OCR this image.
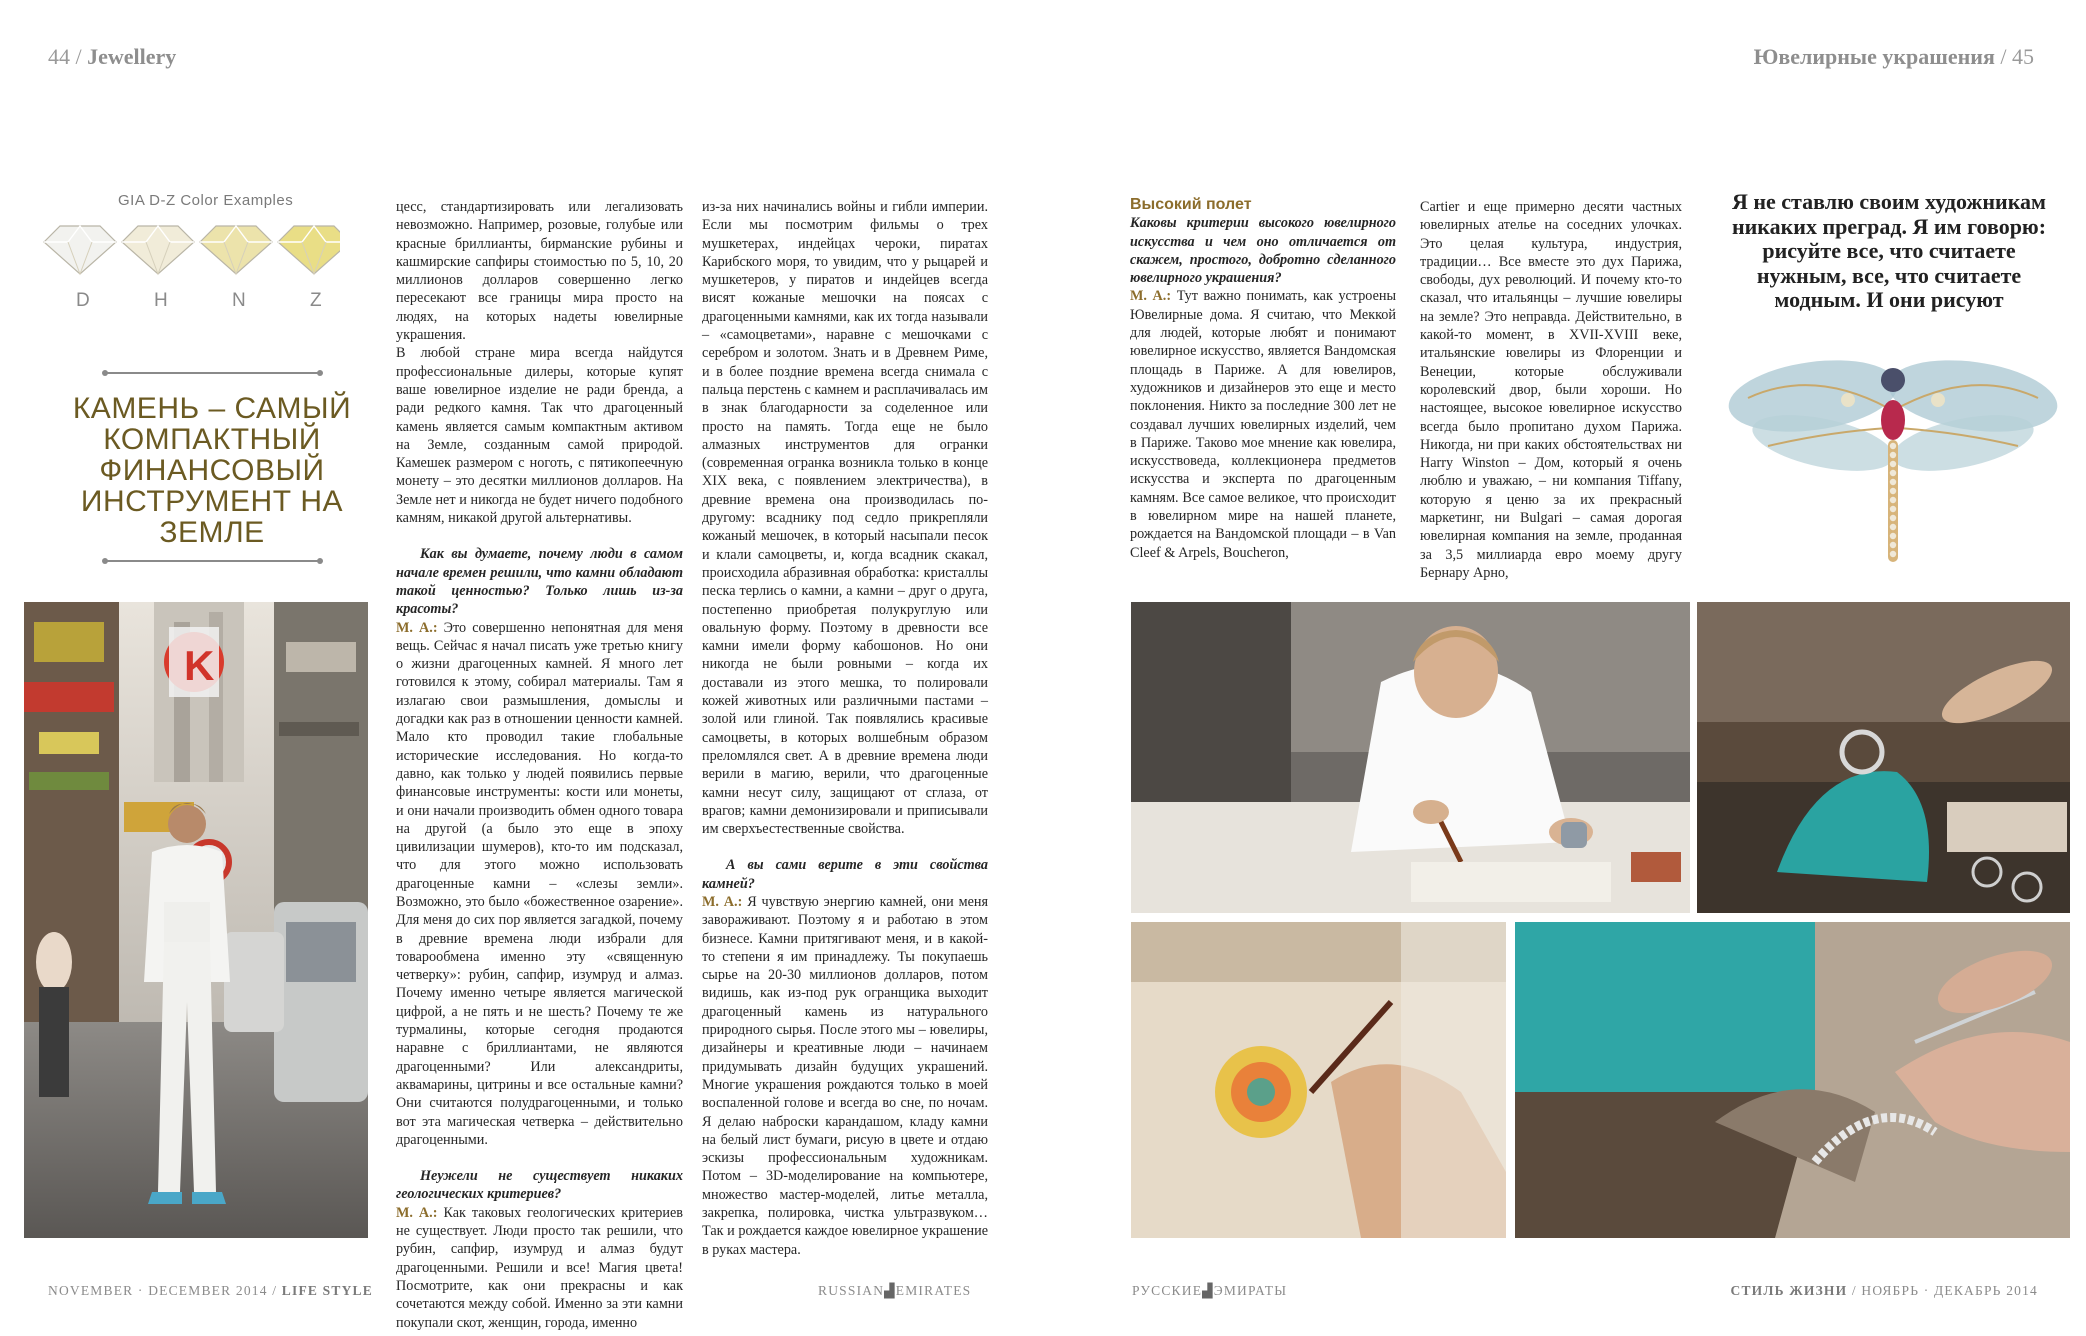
44 / Jewellery	Ювелирные украшения / 45
GIA D-Z Color Examples
D	H	N	Z
КАМЕНЬ – САМЫЙ КОМПАКТНЫЙ ФИНАНСОВЫЙ ИНСТРУМЕНТ НА ЗЕМЛЕ
K

цесс, стандартизировать или легализовать невозможно. Например, розовые, голубые или красные бриллианты, бирманские рубины и кашмирские сапфиры стоимостью по 5, 10, 20 миллионов долларов совершенно легко пересекают все границы мира просто на людях, на которых надеты ювелирные украшения.

В любой стране мира всегда найдутся профессиональные дилеры, которые купят ваше ювелирное изделие не ради бренда, а ради редкого камня. Так что драгоценный камень является самым компактным активом на Земле, созданным самой природой. Камешек размером с ноготь, с пятикопеечную монету – это десятки миллионов долларов. На Земле нет и никогда не будет ничего подобного камням, никакой другой альтернативы.

Как вы думаете, почему люди в самом начале времен решили, что камни обладают такой ценностью? Только лишь из-за красоты?

М. А.: Это совершенно непонятная для меня вещь. Сейчас я начал писать уже третью книгу о жизни драгоценных камней. Я много лет готовился к этому, собирал материалы. Там я излагаю свои размышления, домыслы и догадки как раз в отношении ценности камней. Мало кто проводил такие глобальные исторические исследования. Но когда-то давно, как только у людей появились первые финансовые инструменты: кости или монеты, и они начали производить обмен одного товара на другой (а было это еще в эпоху цивилизации шумеров), кто-то им подсказал, что для этого можно использовать драгоценные камни – «слезы земли». Возможно, это было «божественное озарение». Для меня до сих пор является загадкой, почему в древние времена люди избрали для товарообмена именно эту «священную четверку»: рубин, сапфир, изумруд и алмаз. Почему именно четыре является магической цифрой, а не пять и не шесть? Почему те же турмалины, которые сегодня продаются наравне с бриллиантами, не являются драгоценными? Или александриты, аквамарины, цитрины и все остальные камни? Они считаются полудрагоценными, и только вот эта магическая четверка – действительно драгоценными.

Неужели не существует никаких геологических критериев?

М. А.: Как таковых геологических критериев не существует. Люди просто так решили, что рубин, сапфир, изумруд и алмаз будут драгоценными. Решили и все! Магия цвета! Посмотрите, как они прекрасны и как сочетаются между собой. Именно за эти камни покупали скот, женщин, города, именно

из-за них начинались войны и гибли империи. Если мы посмотрим фильмы о трех мушкетерах, индейцах чероки, пиратах Карибского моря, то увидим, что у рыцарей и мушкетеров, у пиратов и индейцев всегда висят кожаные мешочки на поясах с драгоценными камнями, как их тогда называли – «самоцветами», наравне с мешочками с серебром и золотом. Знать и в Древнем Риме, и в более поздние времена всегда снимала с пальца перстень с камнем и расплачивалась им в знак благодарности за соделенное или просто на память. Тогда еще не было алмазных инструментов для огранки (современная огранка возникла только в конце XIX века, с появлением электричества), в древние времена она производилась по-другому: всаднику под седло прикрепляли кожаный мешочек, в который насыпали песок и клали самоцветы, и, когда всадник скакал, происходила абразивная обработка: кристаллы песка терлись о камни, а камни – друг о друга, постепенно приобретая полукруглую или овальную форму. Поэтому в древности все камни имели форму кабошонов. Но они никогда не были ровными – когда их доставали из этого мешка, то полировали кожей животных или различными пастами – золой или глиной. Так появлялись красивые самоцветы, в которых волшебным образом преломлялся свет. А в древние времена люди верили в магию, верили, что драгоценные камни несут силу, защищают от сглаза, от врагов; камни демонизировали и приписывали им сверхъестественные свойства.

А вы сами верите в эти свойства камней?

М. А.: Я чувствую энергию камней, они меня завораживают. Поэтому я и работаю в этом бизнесе. Камни притягивают меня, и в какой-то степени я им принадлежу. Ты покупаешь сырье на 20-30 миллионов долларов, потом видишь, как из-под рук огранщика выходит драгоценный камень из натурального природного сырья. После этого мы – ювелиры, дизайнеры и креативные люди – начинаем придумывать дизайн будущих украшений. Многие украшения рождаются только в моей воспаленной голове и всегда во сне, по ночам. Я делаю наброски карандашом, кладу камни на белый лист бумаги, рисую в цвете и отдаю эскизы профессиональным художникам. Потом – 3D-моделирование на компьютере, множество мастер-моделей, литье металла, закрепка, полировка, чистка ультразвуком… Так и рождается каждое ювелирное украшение в руках мастера.

Высокий полет

Каковы критерии высокого ювелирного искусства и чем оно отличается от скажем, простого, добротно сделанного ювелирного украшения?

М. А.: Тут важно понимать, как устроены Ювелирные дома. Я считаю, что Меккой для людей, которые любят и понимают ювелирное искусство, является Вандомская площадь в Париже. А для ювелиров, художников и дизайнеров это еще и место поклонения. Никто за последние 300 лет не создавал лучших ювелирных изделий, чем в Париже. Таково мое мнение как ювелира, искусствоведа, коллекционера предметов искусства и эксперта по драгоценным камням. Все самое великое, что происходит в ювелирном мире на нашей планете, рождается на Вандомской площади – в Van Cleef & Arpels, Boucheron,

Cartier и еще примерно десяти частных ювелирных ателье на соседних улочках. Это целая культура, индустрия, традиции… Все вместе это дух Парижа, свободы, дух революций. И почему кто-то сказал, что итальянцы – лучшие ювелиры на земле? Это неправда. Действительно, в какой-то момент, в XVII-XVIII веке, итальянские ювелиры из Флоренции и Венеции, которые обслуживали королевский двор, были хороши. Но настоящее, высокое ювелирное искусство всегда было пропитано духом Парижа. Никогда, ни при каких обстоятельствах ни Harry Winston – Дом, который я очень люблю и уважаю, – ни компания Tiffany, которую я ценю за их прекрасный маркетинг, ни Bulgari – самая дорогая ювелирная компания на земле, проданная за 3,5 миллиарда евро моему другу Бернару Арно,

Я не ставлю своим художникам никаких преград. Я им говорю: рисуйте все, что считаете нужным, все, что считаете модным. И они рисуют
NOVEMBER · DECEMBER 2014 / LIFE STYLE	RUSSIAN▟EMIRATES	РУССКИЕ▟ЭМИРАТЫ	СТИЛЬ ЖИЗНИ / НОЯБРЬ · ДЕКАБРЬ 2014
